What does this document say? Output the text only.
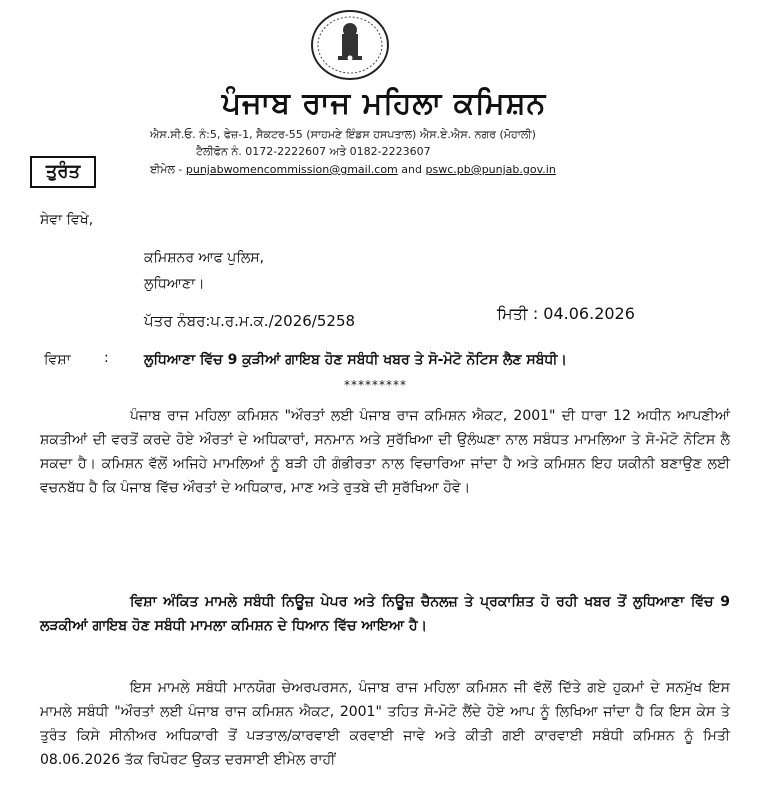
ਪੰਜਾਬ ਰਾਜ ਮਹਿਲਾ ਕਮਿਸ਼ਨ
ਐਸ.ਸੀ.ਓ. ਨੰ:5, ਫੇਜ਼-1, ਸੈਕਟਰ-55 (ਸਾਹਮਣੇ ਇੰਡਸ ਹਸਪਤਾਲ) ਐਸ.ਏ.ਐਸ. ਨਗਰ (ਮੋਹਾਲੀ)
ਟੈਲੀਫੋਨ ਨੰ. 0172-2222607 ਅਤੇ 0182-2223607
ਈਮੇਲ - punjabwomencommission@gmail.com and pswc.pb@punjab.gov.in
ਤੁਰੰਤ
ਸੇਵਾ ਵਿਖੇ,
ਕਮਿਸ਼ਨਰ ਆਫ ਪੁਲਿਸ,
ਲੁਧਿਆਣਾ।
ਪੱਤਰ ਨੰਬਰ:ਪ.ਰ.ਮ.ਕ./2026/5258	ਮਿਤੀ : 04.06.2026
ਵਿਸ਼ਾ :	ਲੁਧਿਆਣਾ ਵਿੱਚ 9 ਕੁੜੀਆਂ ਗਾਇਬ ਹੋਣ ਸਬੰਧੀ ਖਬਰ ਤੇ ਸੋ-ਮੋਟੋ ਨੋਟਿਸ ਲੈਣ ਸਬੰਧੀ।
*********
ਪੰਜਾਬ ਰਾਜ ਮਹਿਲਾ ਕਮਿਸ਼ਨ "ਔਰਤਾਂ ਲਈ ਪੰਜਾਬ ਰਾਜ ਕਮਿਸ਼ਨ ਐਕਟ, 2001" ਦੀ ਧਾਰਾ 12 ਅਧੀਨ ਆਪਣੀਆਂ ਸ਼ਕਤੀਆਂ ਦੀ ਵਰਤੋਂ ਕਰਦੇ ਹੋਏ ਔਰਤਾਂ ਦੇ ਅਧਿਕਾਰਾਂ, ਸਨਮਾਨ ਅਤੇ ਸੁਰੱਖਿਆ ਦੀ ਉਲੰਘਣਾ ਨਾਲ ਸਬੰਧਤ ਮਾਮਲਿਆ ਤੇ ਸੋ-ਮੋਟੋ ਨੋਟਿਸ ਲੈ ਸਕਦਾ ਹੈ। ਕਮਿਸ਼ਨ ਵੱਲੋਂ ਅਜਿਹੇ ਮਾਮਲਿਆਂ ਨੂੰ ਬੜੀ ਹੀ ਗੰਭੀਰਤਾ ਨਾਲ ਵਿਚਾਰਿਆ ਜਾਂਦਾ ਹੈ ਅਤੇ ਕਮਿਸ਼ਨ ਇਹ ਯਕੀਨੀ ਬਣਾਉਣ ਲਈ ਵਚਨਬੱਧ ਹੈ ਕਿ ਪੰਜਾਬ ਵਿੱਚ ਔਰਤਾਂ ਦੇ ਅਧਿਕਾਰ, ਮਾਣ ਅਤੇ ਰੁਤਬੇ ਦੀ ਸੁਰੱਖਿਆ ਹੋਵੇ।
ਵਿਸ਼ਾ ਅੰਕਿਤ ਮਾਮਲੇ ਸਬੰਧੀ ਨਿਊਜ਼ ਪੇਪਰ ਅਤੇ ਨਿਊਜ਼ ਚੈਨਲਜ਼ ਤੇ ਪ੍ਰਕਾਸ਼ਿਤ ਹੋ ਰਹੀ ਖਬਰ ਤੋਂ ਲੁਧਿਆਣਾ ਵਿੱਚ 9 ਲੜਕੀਆਂ ਗਾਇਬ ਹੋਣ ਸਬੰਧੀ ਮਾਮਲਾ ਕਮਿਸ਼ਨ ਦੇ ਧਿਆਨ ਵਿੱਚ ਆਇਆ ਹੈ।
ਇਸ ਮਾਮਲੇ ਸਬੰਧੀ ਮਾਨਯੋਗ ਚੇਅਰਪਰਸਨ, ਪੰਜਾਬ ਰਾਜ ਮਹਿਲਾ ਕਮਿਸ਼ਨ ਜੀ ਵੱਲੋਂ ਦਿੱਤੇ ਗਏ ਹੁਕਮਾਂ ਦੇ ਸਨਮੁੱਖ ਇਸ ਮਾਮਲੇ ਸਬੰਧੀ "ਔਰਤਾਂ ਲਈ ਪੰਜਾਬ ਰਾਜ ਕਮਿਸ਼ਨ ਐਕਟ, 2001" ਤਹਿਤ ਸੋ-ਮੋਟੋ ਲੈਂਦੇ ਹੋਏ ਆਪ ਨੂੰ ਲਿਖਿਆ ਜਾਂਦਾ ਹੈ ਕਿ ਇਸ ਕੇਸ ਤੇ ਤੁਰੰਤ ਕਿਸੇ ਸੀਨੀਅਰ ਅਧਿਕਾਰੀ ਤੋਂ ਪੜਤਾਲ/ਕਾਰਵਾਈ ਕਰਵਾਈ ਜਾਵੇ ਅਤੇ ਕੀਤੀ ਗਈ ਕਾਰਵਾਈ ਸਬੰਧੀ ਕਮਿਸ਼ਨ ਨੂੰ ਮਿਤੀ 08.06.2026 ਤੱਕ ਰਿਪੋਰਟ ਉਕਤ ਦਰਸਾਈ ਈਮੇਲ ਰਾਹੀਂ
